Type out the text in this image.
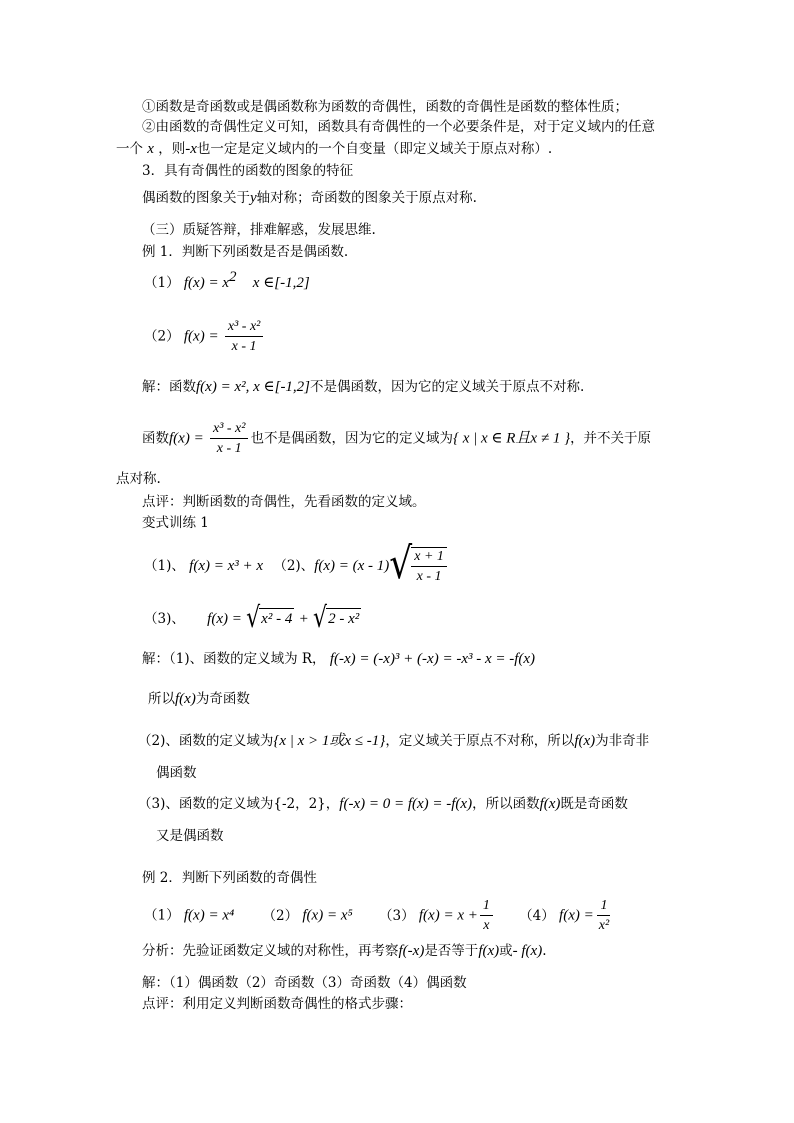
①函数是奇函数或是偶函数称为函数的奇偶性，函数的奇偶性是函数的整体性质；
②由函数的奇偶性定义可知，函数具有奇偶性的一个必要条件是，对于定义域内的任意
一个 x ，则-x也一定是定义域内的一个自变量（即定义域关于原点对称）.
3．具有奇偶性的函数的图象的特征
偶函数的图象关于y轴对称；奇函数的图象关于原点对称.
（三）质疑答辩，排难解惑，发展思维.
例 1．判断下列函数是否是偶函数.
（1） $f(x) = x^2$ x ∈[-1,2]
（2） $f(x) = \frac{\text{x³ - x²}}{x - 1}$
解：函数f(x) = x², x ∈[-1,2]不是偶函数，因为它的定义域关于原点不对称.
函数$f(x) = \frac{\text{x³ - x²}}{x - 1}$ 也不是偶函数，因为它的定义域为{ x | x ∈ R且x ≠ 1 }，并不关于原
点对称.
点评：判断函数的奇偶性，先看函数的定义域。
变式训练 1
（1)、 f(x) = x³ + x （2)、f(x) = (x - 1) √ $\frac{x + 1}{x - 1}$
（3)、 f(x) = √ x² - 4 + √ 2 - x²
解：（1)、函数的定义域为 R， f(-x) = (-x)³ + (-x) = -x³ - x = -f(x)
所以f(x)为奇函数
（2)、函数的定义域为{x | x > 1或x ≤ -1}，定义域关于原点不对称，所以f(x)为非奇非
偶函数
（3)、函数的定义域为{-2，2}，f(-x) = 0 = f(x) = -f(x)，所以函数f(x)既是奇函数
又是偶函数
例 2．判断下列函数的奇偶性
（1） f(x) = x⁴ （2） f(x) = x⁵ （3） $f(x) = x + \frac{1}{x} (4) f(x) = \frac{1}{\text{x²}}$
分析：先验证函数定义域的对称性，再考察f(-x)是否等于f(x)或- f(x).
解：（1）偶函数（2）奇函数（3）奇函数（4）偶函数
点评：利用定义判断函数奇偶性的格式步骤：
